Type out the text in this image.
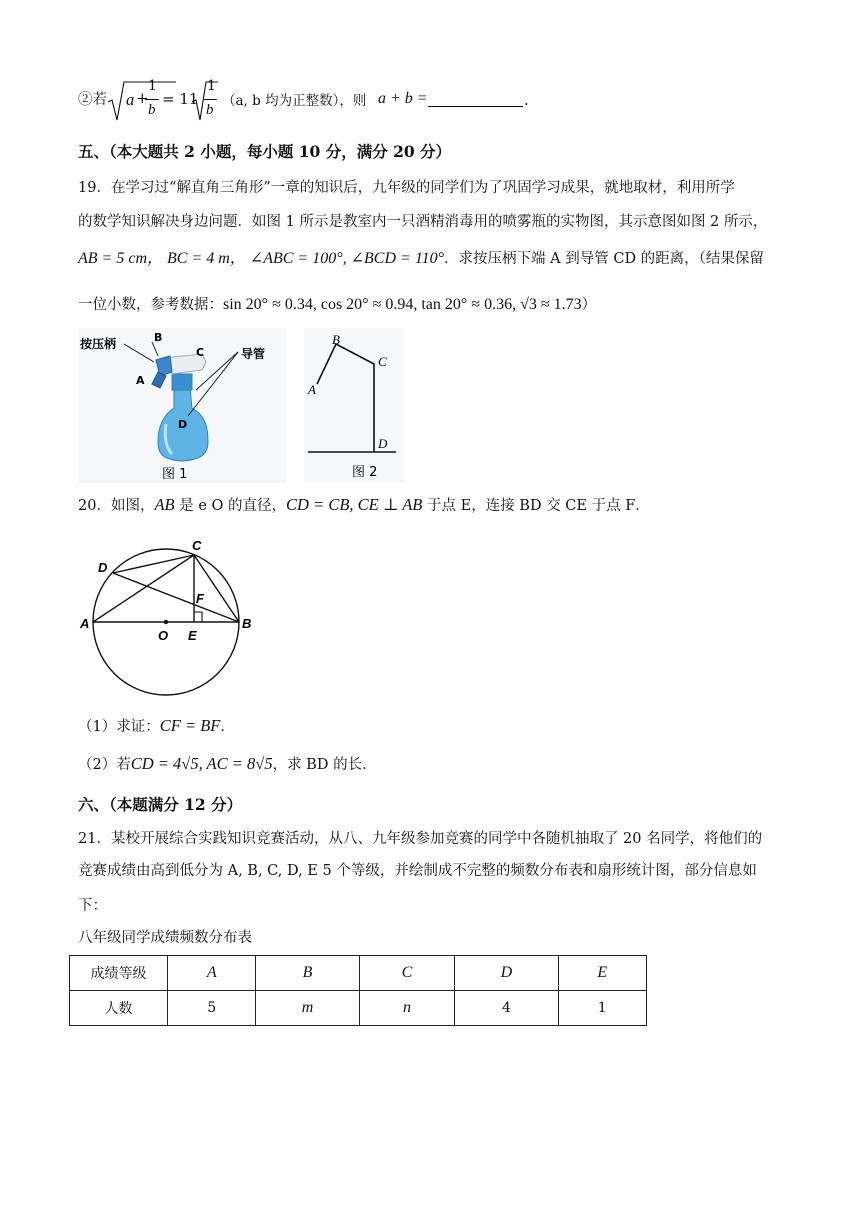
②若 a +
1
b
= 11
1
b
（a, b 均为正整数），则 a + b =	.
五、（本大题共 2 小题，每小题 10 分，满分 20 分）
19．在学习过“解直角三角形”一章的知识后，九年级的同学们为了巩固学习成果，就地取材，利用所学
的数学知识解决身边问题．如图 1 所示是教室内一只酒精消毒用的喷雾瓶的实物图，其示意图如图 2 所示，
AB = 5 cm， BC = 4 m， ∠ABC = 100°, ∠BCD = 110°．求按压柄下端 A 到导管 CD 的距离，（结果保留
一位小数，参考数据：sin 20° ≈ 0.34, cos 20° ≈ 0.94, tan 20° ≈ 0.36, √3 ≈ 1.73）
按压柄	B
C	导管
A
D
图 1
A
B
C
D
图 2
20．如图，AB 是 e O 的直径，CD = CB, CE ⊥ AB 于点 E，连接 BD 交 CE 于点 F．
C
D
A	B
F
E
O
（1）求证：CF = BF．
（2）若CD = 4√5, AC = 8√5，求 BD 的长．
六、（本题满分 12 分）
21．某校开展综合实践知识竞赛活动，从八、九年级参加竞赛的同学中各随机抽取了 20 名同学，将他们的
竞赛成绩由高到低分为 A, B, C, D, E 5 个等级，并绘制成不完整的频数分布表和扇形统计图，部分信息如
下：
八年级同学成绩频数分布表
成绩等级	A	B	C	D	E
人数	5	m	n	4	1
